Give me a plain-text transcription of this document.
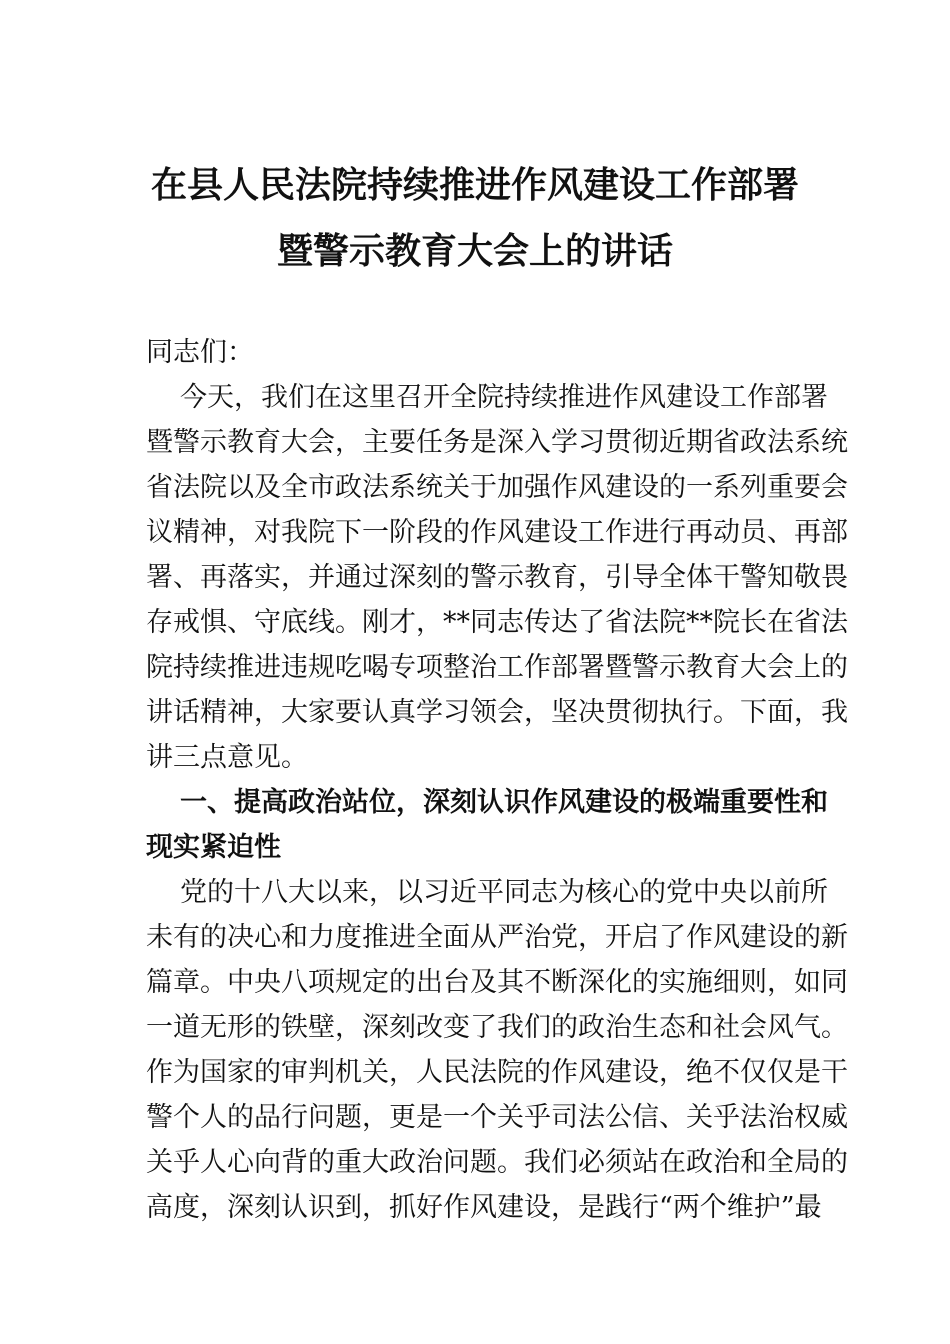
在县人民法院持续推进作风建设工作部署
暨警示教育大会上的讲话
同志们：
今天，我们在这里召开全院持续推进作风建设工作部署
暨警示教育大会，主要任务是深入学习贯彻近期省政法系统
省法院以及全市政法系统关于加强作风建设的一系列重要会
议精神，对我院下一阶段的作风建设工作进行再动员、再部
署、再落实，并通过深刻的警示教育，引导全体干警知敬畏
存戒惧、守底线。刚才，**同志传达了省法院**院长在省法
院持续推进违规吃喝专项整治工作部署暨警示教育大会上的
讲话精神，大家要认真学习领会，坚决贯彻执行。下面，我
讲三点意见。
一、提高政治站位，深刻认识作风建设的极端重要性和
现实紧迫性
党的十八大以来，以习近平同志为核心的党中央以前所
未有的决心和力度推进全面从严治党，开启了作风建设的新
篇章。中央八项规定的出台及其不断深化的实施细则，如同
一道无形的铁壁，深刻改变了我们的政治生态和社会风气。
作为国家的审判机关，人民法院的作风建设，绝不仅仅是干
警个人的品行问题，更是一个关乎司法公信、关乎法治权威
关乎人心向背的重大政治问题。我们必须站在政治和全局的
高度，深刻认识到，抓好作风建设，是践行“两个维护”最
